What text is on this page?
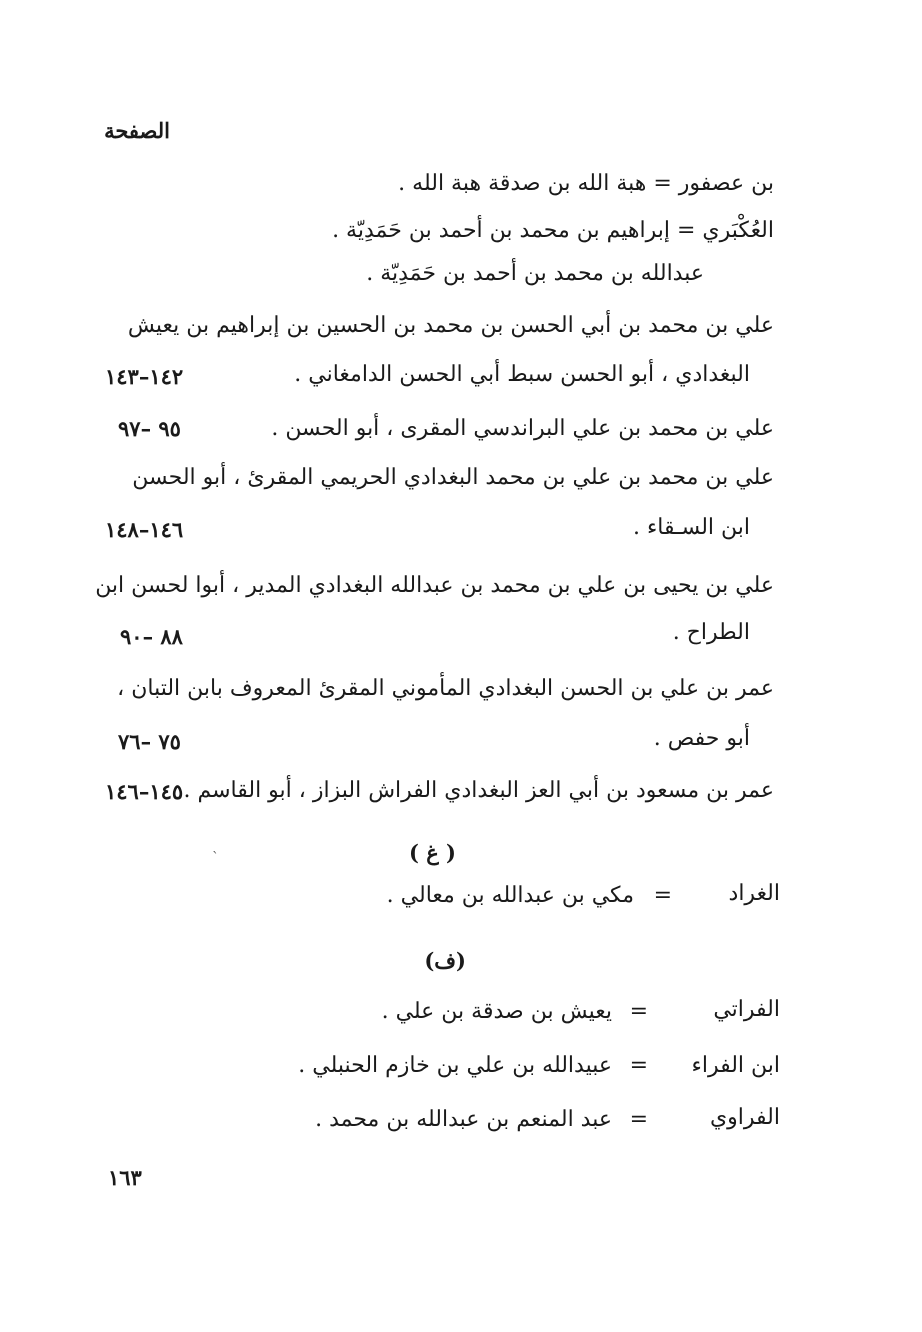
الصفحة
بن عصفور = هبة الله بن صدقة هبة الله .
العُكْبَري = إبراهيم بن محمد بن أحمد بن حَمَدِيّة .
عبدالله بن محمد بن أحمد بن حَمَدِيّة .
علي بن محمد بن أبي الحسن بن محمد بن الحسين بن إبراهيم بن يعيش
البغدادي ، أبو الحسن سبط أبي الحسن الدامغاني .
١٤٢–١٤٣
علي بن محمد بن علي البراندسي المقرى ، أبو الحسن .
٩٥ –٩٧
علي بن محمد بن علي بن محمد البغدادي الحريمي المقرئ ، أبو الحسن
ابن السـقاء .
١٤٦–١٤٨
علي بن يحيى بن علي بن محمد بن عبدالله البغدادي المدير ، أبوا لحسن ابن
الطراح .
٨٨ –٩٠
عمر بن علي بن الحسن البغدادي المأموني المقرئ المعروف بابن التبان ،
أبو حفص .
٧٥ –٧٦
عمر بن مسعود بن أبي العز البغدادي الفراش البزاز ، أبو القاسم .
١٤٥–١٤٦
ˋ	( غ )
الغراد
=
مكي بن عبدالله بن معالي .
(ف)
الفراتي
=
يعيش بن صدقة بن علي .
ابن الفراء
=
عبيدالله بن علي بن خازم الحنبلي .
الفراوي
=
عبد المنعم بن عبدالله بن محمد .
١٦٣
